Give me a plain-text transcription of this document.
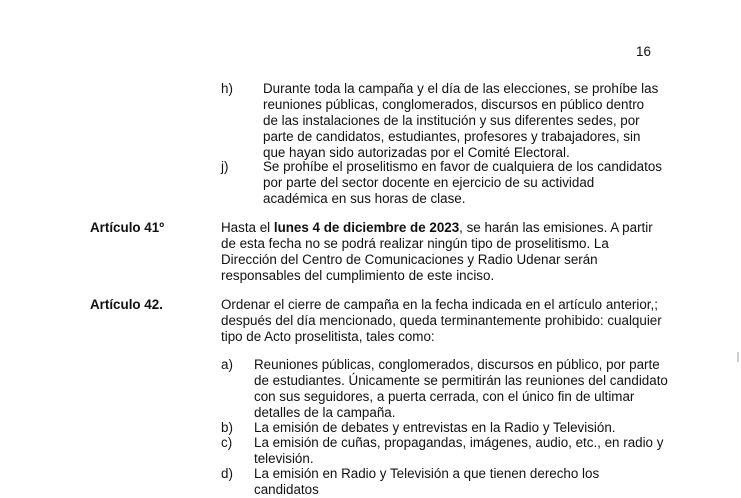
16
h) Durante toda la campaña y el día de las elecciones, se prohíbe las
reuniones públicas, conglomerados, discursos en público dentro
de las instalaciones de la institución y sus diferentes sedes, por
parte de candidatos, estudiantes, profesores y trabajadores, sin
que hayan sido autorizadas por el Comité Electoral.
j)	Se prohíbe el proselitismo en favor de cualquiera de los candidatos
por parte del sector docente en ejercicio de su actividad
académica en sus horas de clase.
Artículo 41º	Hasta el lunes 4 de diciembre de 2023, se harán las emisiones. A partir
de esta fecha no se podrá realizar ningún tipo de proselitismo. La
Dirección del Centro de Comunicaciones y Radio Udenar serán
responsables del cumplimiento de este inciso.
Artículo 42.	Ordenar el cierre de campaña en la fecha indicada en el artículo anterior,;
después del día mencionado, queda terminantemente prohibido: cualquier
tipo de Acto proselitista, tales como:
a) Reuniones públicas, conglomerados, discursos en público, por parte
de estudiantes. Únicamente se permitirán las reuniones del candidato
con sus seguidores, a puerta cerrada, con el único fin de ultimar
detalles de la campaña.
b) La emisión de debates y entrevistas en la Radio y Televisión.
c) La emisión de cuñas, propagandas, imágenes, audio, etc., en radio y
televisión.
d) La emisión en Radio y Televisión a que tienen derecho los
candidatos
